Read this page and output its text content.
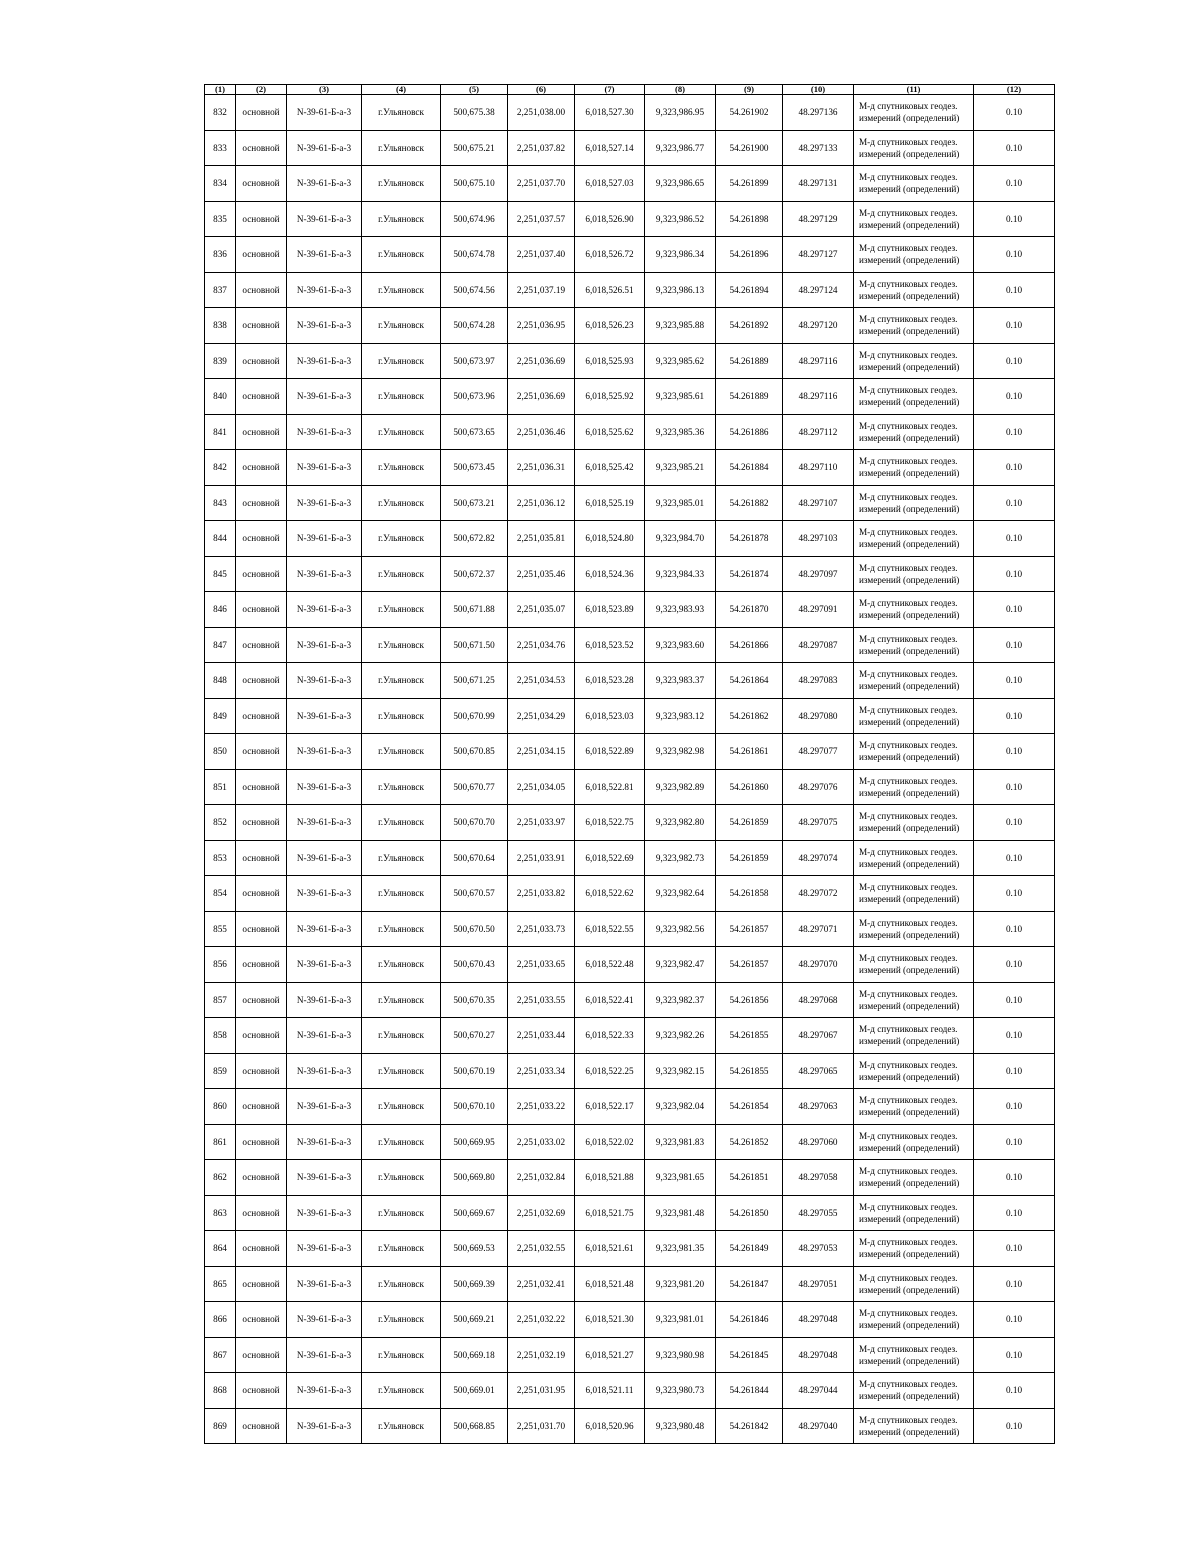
(1)	(2)	(3)	(4)	(5)	(6)	(7)	(8)	(9)	(10)	(11)	(12)
832	основной	N-39-61-Б-а-3	г.Ульяновск	500,675.38	2,251,038.00	6,018,527.30	9,323,986.95	54.261902	48.297136	М-д спутниковых геодез. измерений (определений)	0.10
833	основной	N-39-61-Б-а-3	г.Ульяновск	500,675.21	2,251,037.82	6,018,527.14	9,323,986.77	54.261900	48.297133	М-д спутниковых геодез. измерений (определений)	0.10
834	основной	N-39-61-Б-а-3	г.Ульяновск	500,675.10	2,251,037.70	6,018,527.03	9,323,986.65	54.261899	48.297131	М-д спутниковых геодез. измерений (определений)	0.10
835	основной	N-39-61-Б-а-3	г.Ульяновск	500,674.96	2,251,037.57	6,018,526.90	9,323,986.52	54.261898	48.297129	М-д спутниковых геодез. измерений (определений)	0.10
836	основной	N-39-61-Б-а-3	г.Ульяновск	500,674.78	2,251,037.40	6,018,526.72	9,323,986.34	54.261896	48.297127	М-д спутниковых геодез. измерений (определений)	0.10
837	основной	N-39-61-Б-а-3	г.Ульяновск	500,674.56	2,251,037.19	6,018,526.51	9,323,986.13	54.261894	48.297124	М-д спутниковых геодез. измерений (определений)	0.10
838	основной	N-39-61-Б-а-3	г.Ульяновск	500,674.28	2,251,036.95	6,018,526.23	9,323,985.88	54.261892	48.297120	М-д спутниковых геодез. измерений (определений)	0.10
839	основной	N-39-61-Б-а-3	г.Ульяновск	500,673.97	2,251,036.69	6,018,525.93	9,323,985.62	54.261889	48.297116	М-д спутниковых геодез. измерений (определений)	0.10
840	основной	N-39-61-Б-а-3	г.Ульяновск	500,673.96	2,251,036.69	6,018,525.92	9,323,985.61	54.261889	48.297116	М-д спутниковых геодез. измерений (определений)	0.10
841	основной	N-39-61-Б-а-3	г.Ульяновск	500,673.65	2,251,036.46	6,018,525.62	9,323,985.36	54.261886	48.297112	М-д спутниковых геодез. измерений (определений)	0.10
842	основной	N-39-61-Б-а-3	г.Ульяновск	500,673.45	2,251,036.31	6,018,525.42	9,323,985.21	54.261884	48.297110	М-д спутниковых геодез. измерений (определений)	0.10
843	основной	N-39-61-Б-а-3	г.Ульяновск	500,673.21	2,251,036.12	6,018,525.19	9,323,985.01	54.261882	48.297107	М-д спутниковых геодез. измерений (определений)	0.10
844	основной	N-39-61-Б-а-3	г.Ульяновск	500,672.82	2,251,035.81	6,018,524.80	9,323,984.70	54.261878	48.297103	М-д спутниковых геодез. измерений (определений)	0.10
845	основной	N-39-61-Б-а-3	г.Ульяновск	500,672.37	2,251,035.46	6,018,524.36	9,323,984.33	54.261874	48.297097	М-д спутниковых геодез. измерений (определений)	0.10
846	основной	N-39-61-Б-а-3	г.Ульяновск	500,671.88	2,251,035.07	6,018,523.89	9,323,983.93	54.261870	48.297091	М-д спутниковых геодез. измерений (определений)	0.10
847	основной	N-39-61-Б-а-3	г.Ульяновск	500,671.50	2,251,034.76	6,018,523.52	9,323,983.60	54.261866	48.297087	М-д спутниковых геодез. измерений (определений)	0.10
848	основной	N-39-61-Б-а-3	г.Ульяновск	500,671.25	2,251,034.53	6,018,523.28	9,323,983.37	54.261864	48.297083	М-д спутниковых геодез. измерений (определений)	0.10
849	основной	N-39-61-Б-а-3	г.Ульяновск	500,670.99	2,251,034.29	6,018,523.03	9,323,983.12	54.261862	48.297080	М-д спутниковых геодез. измерений (определений)	0.10
850	основной	N-39-61-Б-а-3	г.Ульяновск	500,670.85	2,251,034.15	6,018,522.89	9,323,982.98	54.261861	48.297077	М-д спутниковых геодез. измерений (определений)	0.10
851	основной	N-39-61-Б-а-3	г.Ульяновск	500,670.77	2,251,034.05	6,018,522.81	9,323,982.89	54.261860	48.297076	М-д спутниковых геодез. измерений (определений)	0.10
852	основной	N-39-61-Б-а-3	г.Ульяновск	500,670.70	2,251,033.97	6,018,522.75	9,323,982.80	54.261859	48.297075	М-д спутниковых геодез. измерений (определений)	0.10
853	основной	N-39-61-Б-а-3	г.Ульяновск	500,670.64	2,251,033.91	6,018,522.69	9,323,982.73	54.261859	48.297074	М-д спутниковых геодез. измерений (определений)	0.10
854	основной	N-39-61-Б-а-3	г.Ульяновск	500,670.57	2,251,033.82	6,018,522.62	9,323,982.64	54.261858	48.297072	М-д спутниковых геодез. измерений (определений)	0.10
855	основной	N-39-61-Б-а-3	г.Ульяновск	500,670.50	2,251,033.73	6,018,522.55	9,323,982.56	54.261857	48.297071	М-д спутниковых геодез. измерений (определений)	0.10
856	основной	N-39-61-Б-а-3	г.Ульяновск	500,670.43	2,251,033.65	6,018,522.48	9,323,982.47	54.261857	48.297070	М-д спутниковых геодез. измерений (определений)	0.10
857	основной	N-39-61-Б-а-3	г.Ульяновск	500,670.35	2,251,033.55	6,018,522.41	9,323,982.37	54.261856	48.297068	М-д спутниковых геодез. измерений (определений)	0.10
858	основной	N-39-61-Б-а-3	г.Ульяновск	500,670.27	2,251,033.44	6,018,522.33	9,323,982.26	54.261855	48.297067	М-д спутниковых геодез. измерений (определений)	0.10
859	основной	N-39-61-Б-а-3	г.Ульяновск	500,670.19	2,251,033.34	6,018,522.25	9,323,982.15	54.261855	48.297065	М-д спутниковых геодез. измерений (определений)	0.10
860	основной	N-39-61-Б-а-3	г.Ульяновск	500,670.10	2,251,033.22	6,018,522.17	9,323,982.04	54.261854	48.297063	М-д спутниковых геодез. измерений (определений)	0.10
861	основной	N-39-61-Б-а-3	г.Ульяновск	500,669.95	2,251,033.02	6,018,522.02	9,323,981.83	54.261852	48.297060	М-д спутниковых геодез. измерений (определений)	0.10
862	основной	N-39-61-Б-а-3	г.Ульяновск	500,669.80	2,251,032.84	6,018,521.88	9,323,981.65	54.261851	48.297058	М-д спутниковых геодез. измерений (определений)	0.10
863	основной	N-39-61-Б-а-3	г.Ульяновск	500,669.67	2,251,032.69	6,018,521.75	9,323,981.48	54.261850	48.297055	М-д спутниковых геодез. измерений (определений)	0.10
864	основной	N-39-61-Б-а-3	г.Ульяновск	500,669.53	2,251,032.55	6,018,521.61	9,323,981.35	54.261849	48.297053	М-д спутниковых геодез. измерений (определений)	0.10
865	основной	N-39-61-Б-а-3	г.Ульяновск	500,669.39	2,251,032.41	6,018,521.48	9,323,981.20	54.261847	48.297051	М-д спутниковых геодез. измерений (определений)	0.10
866	основной	N-39-61-Б-а-3	г.Ульяновск	500,669.21	2,251,032.22	6,018,521.30	9,323,981.01	54.261846	48.297048	М-д спутниковых геодез. измерений (определений)	0.10
867	основной	N-39-61-Б-а-3	г.Ульяновск	500,669.18	2,251,032.19	6,018,521.27	9,323,980.98	54.261845	48.297048	М-д спутниковых геодез. измерений (определений)	0.10
868	основной	N-39-61-Б-а-3	г.Ульяновск	500,669.01	2,251,031.95	6,018,521.11	9,323,980.73	54.261844	48.297044	М-д спутниковых геодез. измерений (определений)	0.10
869	основной	N-39-61-Б-а-3	г.Ульяновск	500,668.85	2,251,031.70	6,018,520.96	9,323,980.48	54.261842	48.297040	М-д спутниковых геодез. измерений (определений)	0.10
